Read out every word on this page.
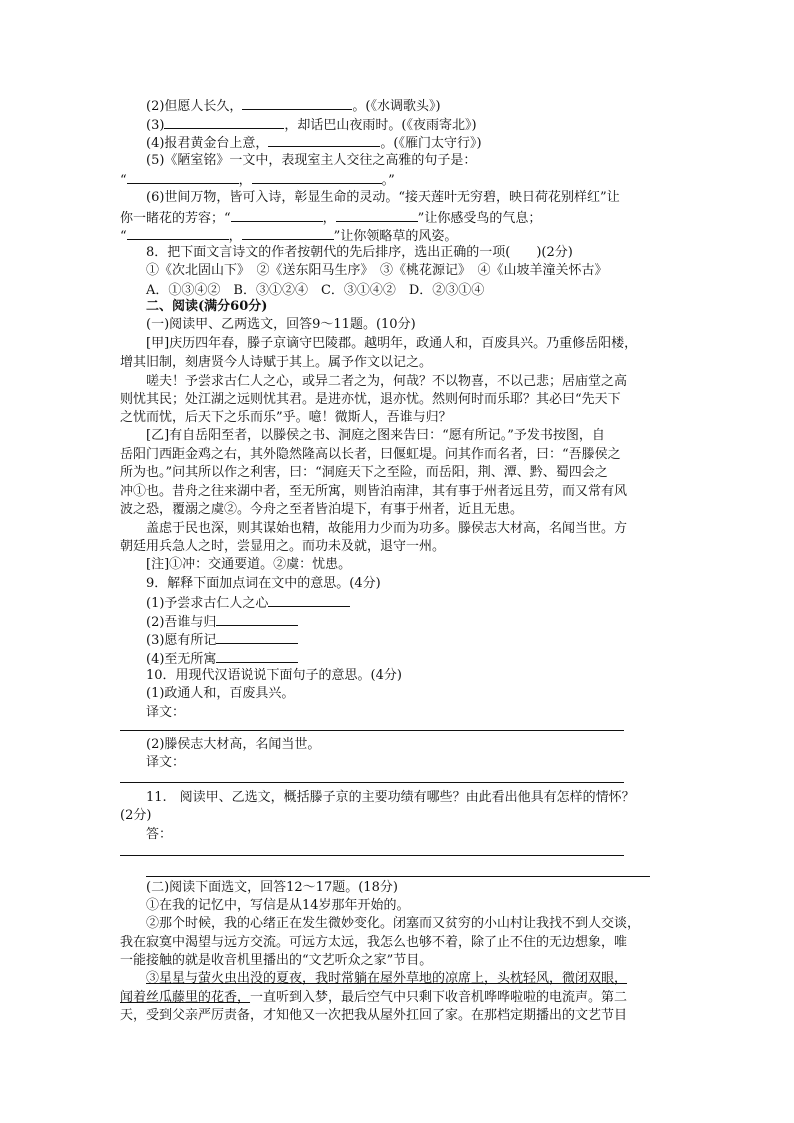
(2)但愿人长久，	。(《水调歌头》)
(3)	，却话巴山夜雨时。(《夜雨寄北》)
(4)报君黄金台上意，	。(《雁门太守行》)
(5)《陋室铭》一文中，表现室主人交往之高雅的句子是：
“	，	。”
(6)世间万物，皆可入诗，彰显生命的灵动。“接天莲叶无穷碧，映日荷花别样红”让
你一睹花的芳容；“	，	”让你感受鸟的气息；
“	，	”让你领略草的风姿。
8．把下面文言诗文的作者按朝代的先后排序，选出正确的一项(　　)(2分)
①《次北固山下》　②《送东阳马生序》　③《桃花源记》　④《山坡羊潼关怀古》
A．①③④②　B．③①②④　C．③①④②　D．②③①④
二、阅读(满分60分)
(一)阅读甲、乙两选文，回答9～11题。(10分)
[甲]庆历四年春，滕子京谪守巴陵郡。越明年，政通人和，百废具兴。乃重修岳阳楼，
增其旧制，刻唐贤今人诗赋于其上。属予作文以记之。
嗟夫！予尝求古仁人之心，或异二者之为，何哉？不以物喜，不以己悲；居庙堂之高
则忧其民；处江湖之远则忧其君。是进亦忧，退亦忧。然则何时而乐耶？其必曰“先天下
之忧而忧，后天下之乐而乐”乎。噫！微斯人，吾谁与归？
[乙]有自岳阳至者，以滕侯之书、洞庭之图来告曰：“愿有所记。”予发书按图，自
岳阳门西距金鸡之右，其外隐然隆高以长者，曰偃虹堤。问其作而名者，曰：“吾滕侯之
所为也。”问其所以作之利害，曰：“洞庭天下之至险，而岳阳，荆、潭、黔、蜀四会之
冲①也。昔舟之往来湖中者，至无所寓，则皆泊南津，其有事于州者远且劳，而又常有风
波之恐，覆溺之虞②。今舟之至者皆泊堤下，有事于州者，近且无患。
盖虑于民也深，则其谋始也精，故能用力少而为功多。滕侯志大材高，名闻当世。方
朝廷用兵急人之时，尝显用之。而功未及就，退守一州。
[注]①冲：交通要道。②虞：忧患。
9．解释下面加点词在文中的意思。(4分)
(1)予尝求古仁人之心
(2)吾谁与归
(3)愿有所记
(4)至无所寓
10．用现代汉语说说下面句子的意思。(4分)
(1)政通人和，百废具兴。
译文：
(2)滕侯志大材高，名闻当世。
译文：
11.　阅读甲、乙选文，概括滕子京的主要功绩有哪些？由此看出他具有怎样的情怀？
(2分)
答：
(二)阅读下面选文，回答12～17题。(18分)
①在我的记忆中，写信是从14岁那年开始的。
②那个时候，我的心绪正在发生微妙变化。闭塞而又贫穷的小山村让我找不到人交谈，
我在寂寞中渴望与远方交流。可远方太远，我怎么也够不着，除了止不住的无边想象，唯
一能接触的就是收音机里播出的“文艺听众之家”节目。
③星星与萤火虫出没的夏夜，我时常躺在屋外草地的凉席上，头枕轻风，微闭双眼，
闻着丝瓜藤里的花香，一直听到入梦，最后空气中只剩下收音机哗哗啦啦的电流声。第二
天，受到父亲严厉责备，才知他又一次把我从屋外扛回了家。在那档定期播出的文艺节目
